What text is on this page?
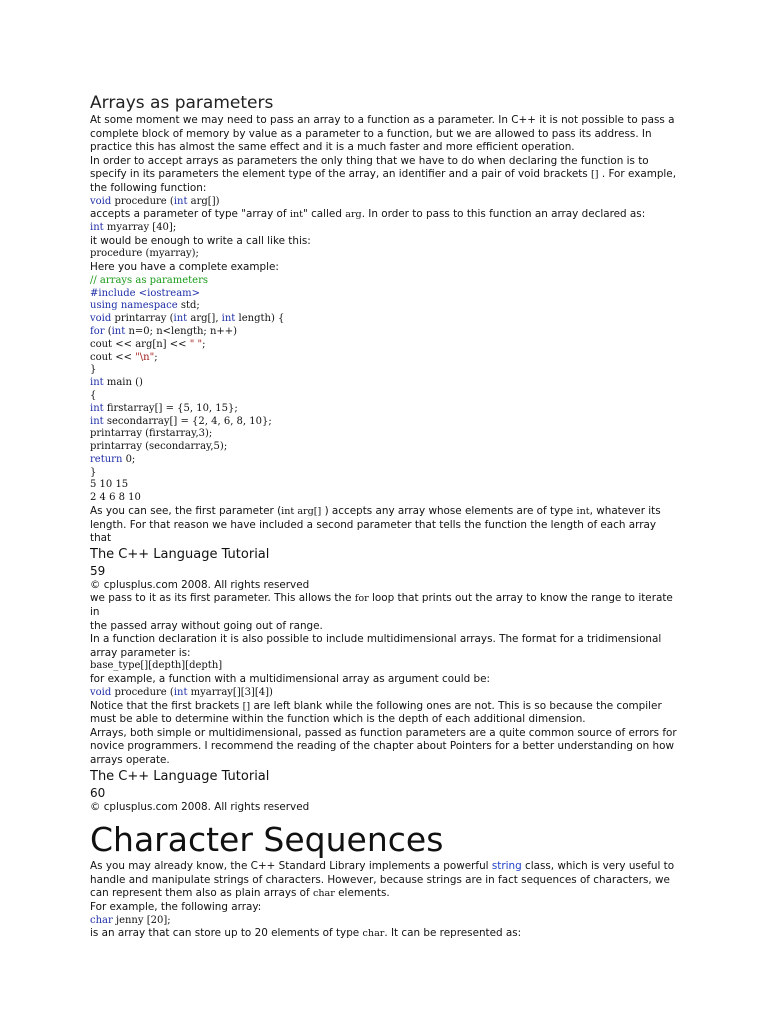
Arrays as parameters

At some moment we may need to pass an array to a function as a parameter. In C++ it is not possible to pass a complete block of memory by value as a parameter to a function, but we are allowed to pass its address. In practice this has almost the same effect and it is a much faster and more efficient operation.

In order to accept arrays as parameters the only thing that we have to do when declaring the function is to specify in its parameters the element type of the array, an identifier and a pair of void brackets [] . For example, the following function:

void procedure (int arg[])

accepts a parameter of type "array of int" called arg. In order to pass to this function an array declared as:

int myarray [40];

it would be enough to write a call like this:

procedure (myarray);

Here you have a complete example:

// arrays as parameters

#include <iostream>

using namespace std;

void printarray (int arg[], int length) {

for (int n=0; n<length; n++)

cout << arg[n] << " ";

cout << "\n";

}

int main ()

{

int firstarray[] = {5, 10, 15};

int secondarray[] = {2, 4, 6, 8, 10};

printarray (firstarray,3);

printarray (secondarray,5);

return 0;

}

5 10 15

2 4 6 8 10

As you can see, the first parameter (int arg[] ) accepts any array whose elements are of type int, whatever its length. For that reason we have included a second parameter that tells the function the length of each array that

The C++ Language Tutorial

59

© cplusplus.com 2008. All rights reserved

we pass to it as its first parameter. This allows the for loop that prints out the array to know the range to iterate in

the passed array without going out of range.

In a function declaration it is also possible to include multidimensional arrays. The format for a tridimensional array parameter is:

base_type[][depth][depth]

for example, a function with a multidimensional array as argument could be:

void procedure (int myarray[][3][4])

Notice that the first brackets [] are left blank while the following ones are not. This is so because the compiler must be able to determine within the function which is the depth of each additional dimension.

Arrays, both simple or multidimensional, passed as function parameters are a quite common source of errors for novice programmers. I recommend the reading of the chapter about Pointers for a better understanding on how arrays operate.

The C++ Language Tutorial

60

© cplusplus.com 2008. All rights reserved

Character Sequences

As you may already know, the C++ Standard Library implements a powerful string class, which is very useful to handle and manipulate strings of characters. However, because strings are in fact sequences of characters, we can represent them also as plain arrays of char elements.

For example, the following array:

char jenny [20];

is an array that can store up to 20 elements of type char. It can be represented as:
